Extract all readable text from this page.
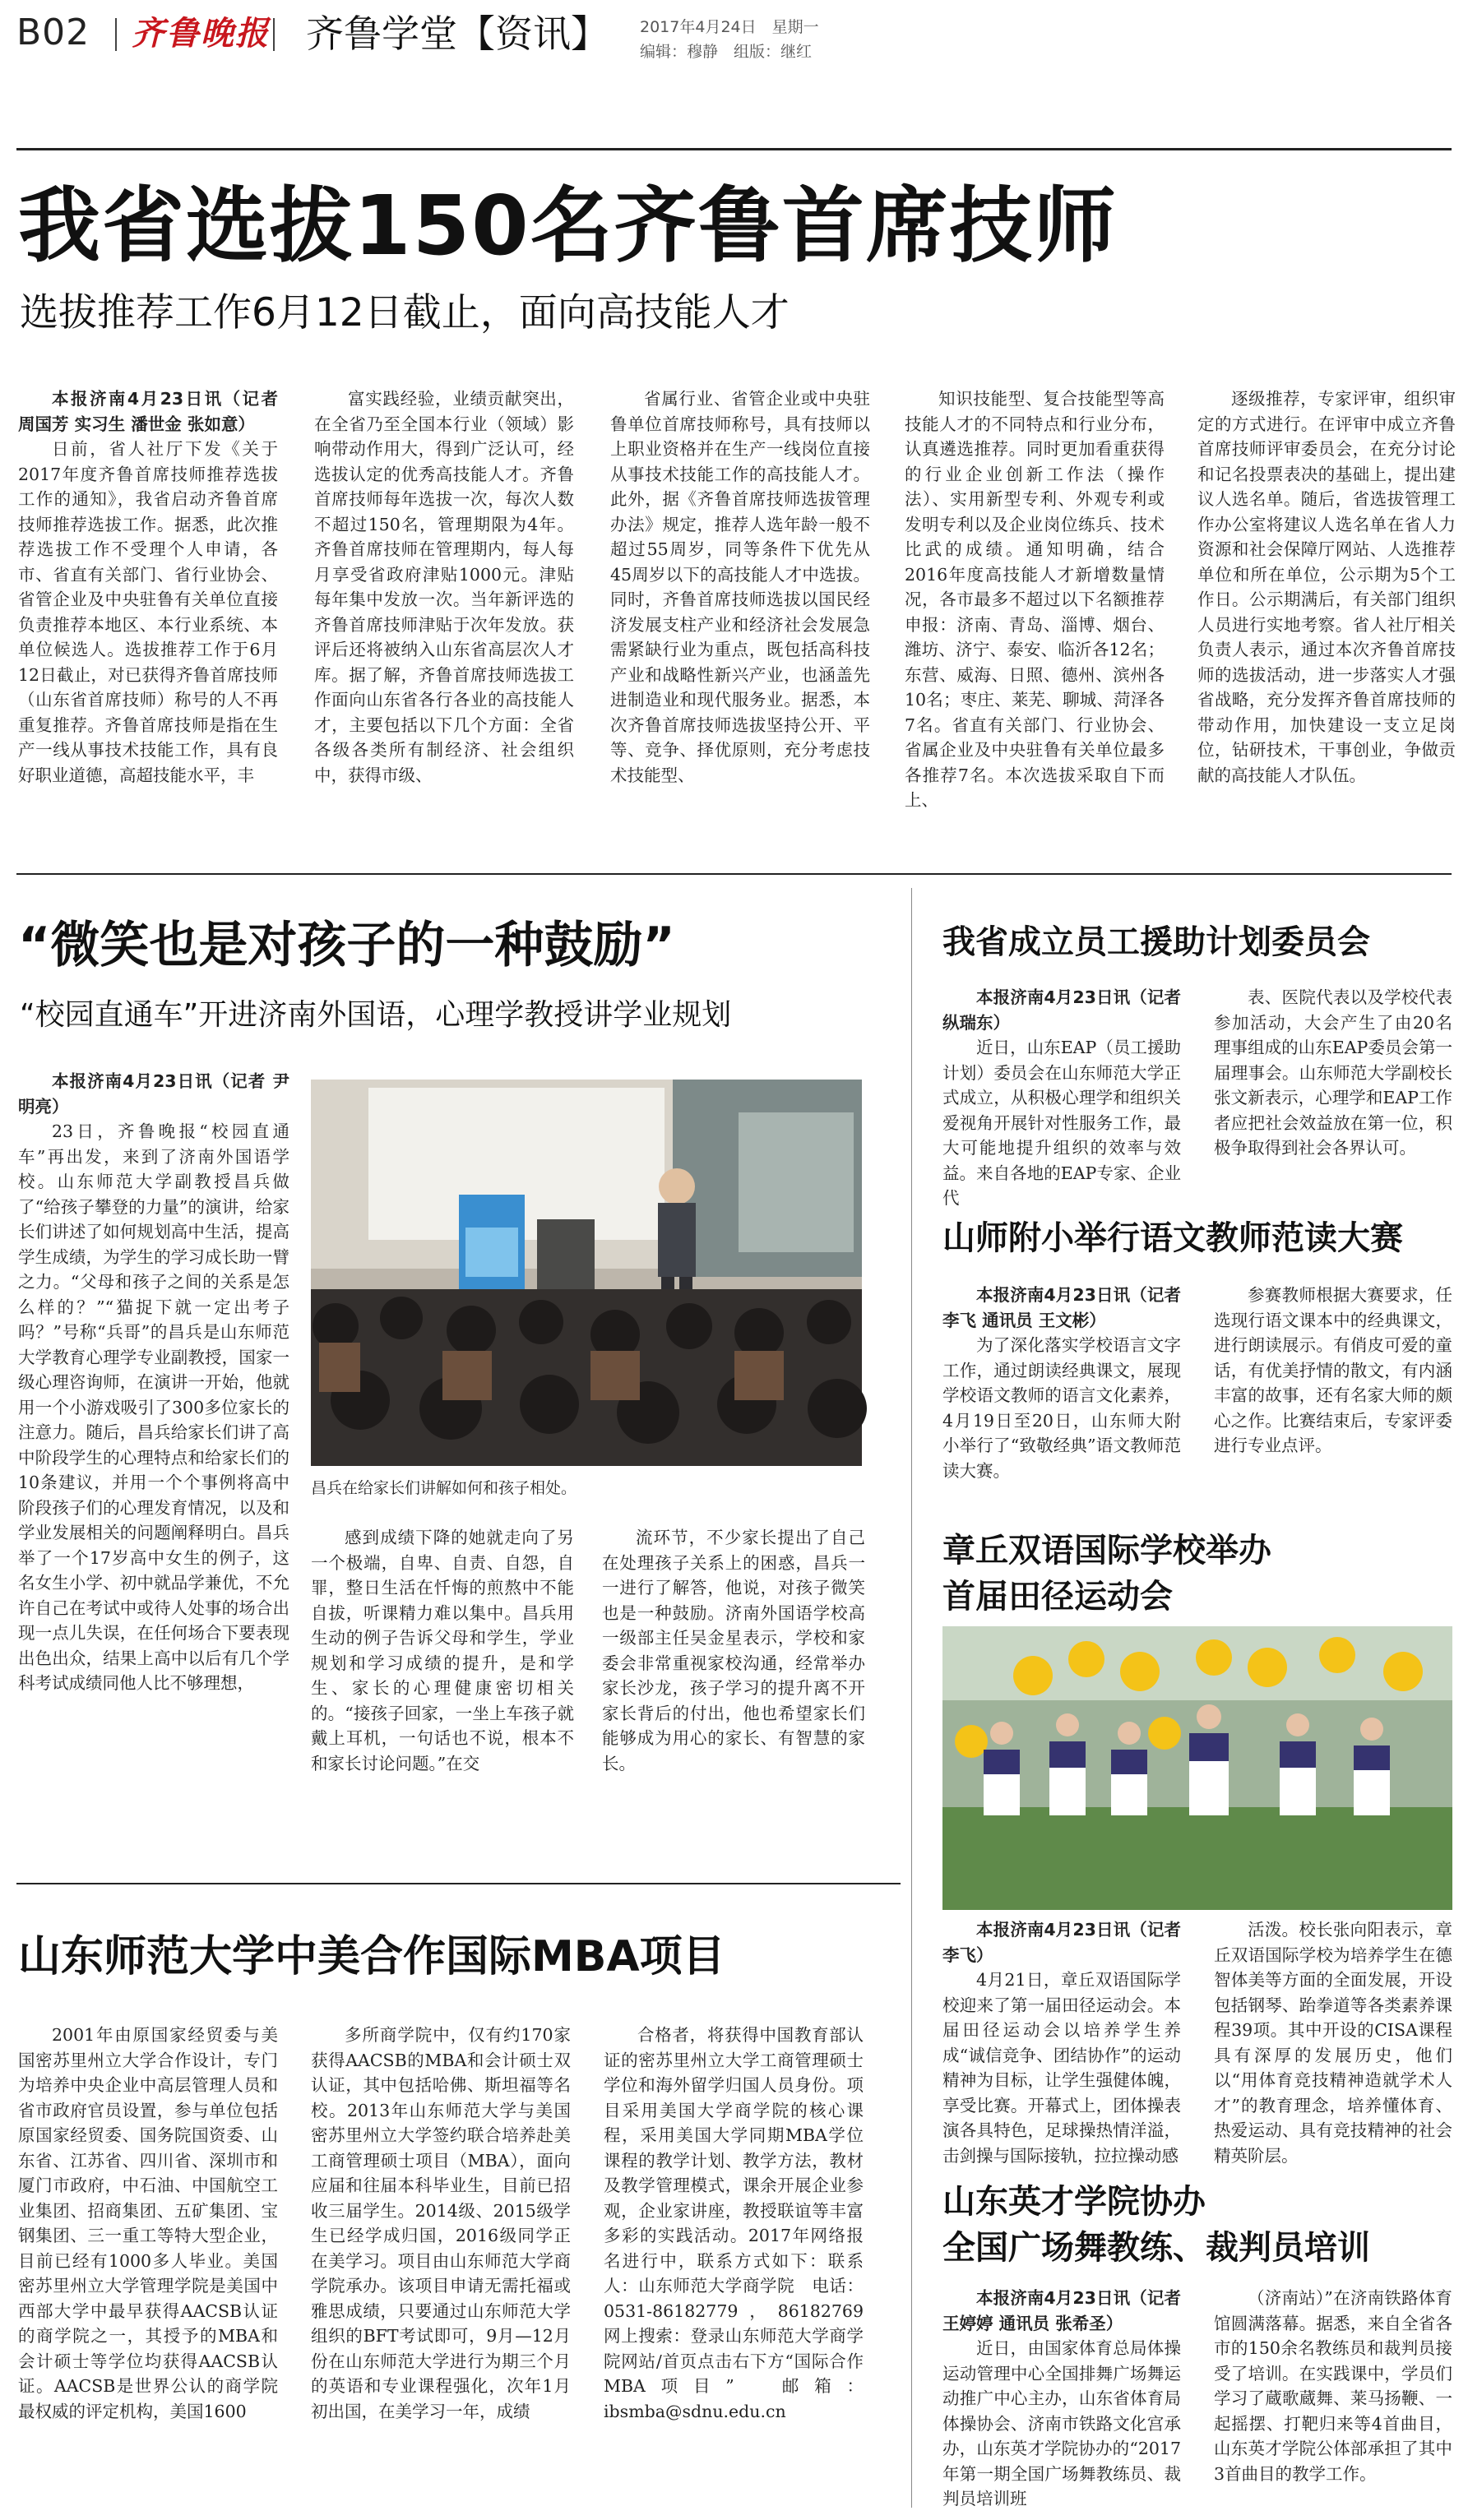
B02 齐鲁晚报 齐鲁学堂【资讯】 2017年4月24日　星期一
编辑：穆静　组版：继红
我省选拔150名齐鲁首席技师
选拔推荐工作6月12日截止，面向高技能人才

本报济南4月23日讯（记者 周国芳 实习生 潘世金 张如意）

日前，省人社厅下发《关于2017年度齐鲁首席技师推荐选拔工作的通知》，我省启动齐鲁首席技师推荐选拔工作。据悉，此次推荐选拔工作不受理个人申请，各市、省直有关部门、省行业协会、省管企业及中央驻鲁有关单位直接负责推荐本地区、本行业系统、本单位候选人。选拔推荐工作于6月12日截止，对已获得齐鲁首席技师（山东省首席技师）称号的人不再重复推荐。齐鲁首席技师是指在生产一线从事技术技能工作，具有良好职业道德，高超技能水平，丰

富实践经验，业绩贡献突出，在全省乃至全国本行业（领域）影响带动作用大，得到广泛认可，经选拔认定的优秀高技能人才。齐鲁首席技师每年选拔一次，每次人数不超过150名，管理期限为4年。齐鲁首席技师在管理期内，每人每月享受省政府津贴1000元。津贴每年集中发放一次。当年新评选的齐鲁首席技师津贴于次年发放。获评后还将被纳入山东省高层次人才库。据了解，齐鲁首席技师选拔工作面向山东省各行各业的高技能人才，主要包括以下几个方面：全省各级各类所有制经济、社会组织中，获得市级、

省属行业、省管企业或中央驻鲁单位首席技师称号，具有技师以上职业资格并在生产一线岗位直接从事技术技能工作的高技能人才。此外，据《齐鲁首席技师选拔管理办法》规定，推荐人选年龄一般不超过55周岁，同等条件下优先从45周岁以下的高技能人才中选拔。同时，齐鲁首席技师选拔以国民经济发展支柱产业和经济社会发展急需紧缺行业为重点，既包括高科技产业和战略性新兴产业，也涵盖先进制造业和现代服务业。据悉，本次齐鲁首席技师选拔坚持公开、平等、竞争、择优原则，充分考虑技术技能型、

知识技能型、复合技能型等高技能人才的不同特点和行业分布，认真遴选推荐。同时更加看重获得的行业企业创新工作法（操作法）、实用新型专利、外观专利或发明专利以及企业岗位练兵、技术比武的成绩。通知明确，结合2016年度高技能人才新增数量情况，各市最多不超过以下名额推荐申报：济南、青岛、淄博、烟台、潍坊、济宁、泰安、临沂各12名；东营、威海、日照、德州、滨州各10名；枣庄、莱芜、聊城、菏泽各7名。省直有关部门、行业协会、省属企业及中央驻鲁有关单位最多各推荐7名。本次选拔采取自下而上、

逐级推荐，专家评审，组织审定的方式进行。在评审中成立齐鲁首席技师评审委员会，在充分讨论和记名投票表决的基础上，提出建议人选名单。随后，省选拔管理工作办公室将建议人选名单在省人力资源和社会保障厅网站、人选推荐单位和所在单位，公示期为5个工作日。公示期满后，有关部门组织人员进行实地考察。省人社厅相关负责人表示，通过本次齐鲁首席技师的选拔活动，进一步落实人才强省战略，充分发挥齐鲁首席技师的带动作用，加快建设一支立足岗位，钻研技术，干事创业，争做贡献的高技能人才队伍。

“微笑也是对孩子的一种鼓励”
“校园直通车”开进济南外国语，心理学教授讲学业规划

本报济南4月23日讯（记者 尹明亮）

23日，齐鲁晚报“校园直通车”再出发，来到了济南外国语学校。山东师范大学副教授昌兵做了“给孩子攀登的力量”的演讲，给家长们讲述了如何规划高中生活，提高学生成绩，为学生的学习成长助一臂之力。“父母和孩子之间的关系是怎么样的？”“猫捉下就一定出考子吗？”号称“兵哥”的昌兵是山东师范大学教育心理学专业副教授，国家一级心理咨询师，在演讲一开始，他就用一个小游戏吸引了300多位家长的注意力。随后，昌兵给家长们讲了高中阶段学生的心理特点和给家长们的10条建议，并用一个个事例将高中阶段孩子们的心理发育情况，以及和学业发展相关的问题阐释明白。昌兵举了一个17岁高中女生的例子，这名女生小学、初中就品学兼优，不允许自己在考试中或待人处事的场合出现一点儿失误，在任何场合下要表现出色出众，结果上高中以后有几个学科考试成绩同他人比不够理想，

昌兵在给家长们讲解如何和孩子相处。

感到成绩下降的她就走向了另一个极端，自卑、自责、自怨，自罪，整日生活在忏悔的煎熬中不能自拔，听课精力难以集中。昌兵用生动的例子告诉父母和学生，学业规划和学习成绩的提升，是和学生、家长的心理健康密切相关的。“接孩子回家，一坐上车孩子就戴上耳机，一句话也不说，根本不和家长讨论问题。”在交

流环节，不少家长提出了自己在处理孩子关系上的困惑，昌兵一一进行了解答，他说，对孩子微笑也是一种鼓励。济南外国语学校高一级部主任吴金星表示，学校和家委会非常重视家校沟通，经常举办家长沙龙，孩子学习的提升离不开家长背后的付出，他也希望家长们能够成为用心的家长、有智慧的家长。

山东师范大学中美合作国际MBA项目

2001年由原国家经贸委与美国密苏里州立大学合作设计，专门为培养中央企业中高层管理人员和省市政府官员设置，参与单位包括原国家经贸委、国务院国资委、山东省、江苏省、四川省、深圳市和厦门市政府，中石油、中国航空工业集团、招商集团、五矿集团、宝钢集团、三一重工等特大型企业，目前已经有1000多人毕业。美国密苏里州立大学管理学院是美国中西部大学中最早获得AACSB认证的商学院之一，其授予的MBA和会计硕士等学位均获得AACSB认证。AACSB是世界公认的商学院最权威的评定机构，美国1600

多所商学院中，仅有约170家获得AACSB的MBA和会计硕士双认证，其中包括哈佛、斯坦福等名校。2013年山东师范大学与美国密苏里州立大学签约联合培养赴美工商管理硕士项目（MBA），面向应届和往届本科毕业生，目前已招收三届学生。2014级、2015级学生已经学成归国，2016级同学正在美学习。项目由山东师范大学商学院承办。该项目申请无需托福或雅思成绩，只要通过山东师范大学组织的BFT考试即可，9月—12月份在山东师范大学进行为期三个月的英语和专业课程强化，次年1月初出国，在美学习一年，成绩

合格者，将获得中国教育部认证的密苏里州立大学工商管理硕士学位和海外留学归国人员身份。项目采用美国大学商学院的核心课程，采用美国大学同期MBA学位课程的教学计划、教学方法，教材及教学管理模式，课余开展企业参观，企业家讲座，教授联谊等丰富多彩的实践活动。2017年网络报名进行中，联系方式如下：联系人：山东师范大学商学院　电话：0531-86182779，86182769　网上搜索：登录山东师范大学商学院网站/首页点击右下方“国际合作MBA项目”　邮箱：ibsmba@sdnu.edu.cn

我省成立员工援助计划委员会

本报济南4月23日讯（记者 纵瑞东）

近日，山东EAP（员工援助计划）委员会在山东师范大学正式成立，从积极心理学和组织关爱视角开展针对性服务工作，最大可能地提升组织的效率与效益。来自各地的EAP专家、企业代

表、医院代表以及学校代表参加活动，大会产生了由20名理事组成的山东EAP委员会第一届理事会。山东师范大学副校长张文新表示，心理学和EAP工作者应把社会效益放在第一位，积极争取得到社会各界认可。

山师附小举行语文教师范读大赛

本报济南4月23日讯（记者 李飞 通讯员 王文彬）

为了深化落实学校语言文字工作，通过朗读经典课文，展现学校语文教师的语言文化素养，4月19日至20日，山东师大附小举行了“致敬经典”语文教师范读大赛。

参赛教师根据大赛要求，任选现行语文课本中的经典课文，进行朗读展示。有俏皮可爱的童话，有优美抒情的散文，有内涵丰富的故事，还有名家大师的颇心之作。比赛结束后，专家评委进行专业点评。

章丘双语国际学校举办
首届田径运动会

本报济南4月23日讯（记者 李飞）

4月21日，章丘双语国际学校迎来了第一届田径运动会。本届田径运动会以培养学生养成“诚信竞争、团结协作”的运动精神为目标，让学生强健体魄，享受比赛。开幕式上，团体操表演各具特色，足球操热情洋溢，击剑操与国际接轨，拉拉操动感

活泼。校长张向阳表示，章丘双语国际学校为培养学生在德智体美等方面的全面发展，开设包括钢琴、跆拳道等各类素养课程39项。其中开设的CISA课程具有深厚的发展历史，他们以“用体育竞技精神造就学术人才”的教育理念，培养懂体育、热爱运动、具有竞技精神的社会精英阶层。

山东英才学院协办
全国广场舞教练、裁判员培训

本报济南4月23日讯（记者 王婷婷 通讯员 张希圣）

近日，由国家体育总局体操运动管理中心全国排舞广场舞运动推广中心主办，山东省体育局体操协会、济南市铁路文化宫承办，山东英才学院协办的“2017年第一期全国广场舞教练员、裁判员培训班

（济南站）”在济南铁路体育馆圆满落幕。据悉，来自全省各市的150余名教练员和裁判员接受了培训。在实践课中，学员们学习了蔵歌蔵舞、莱马扬鞭、一起摇摆、打靶归来等4首曲目，山东英才学院公体部承担了其中3首曲目的教学工作。
